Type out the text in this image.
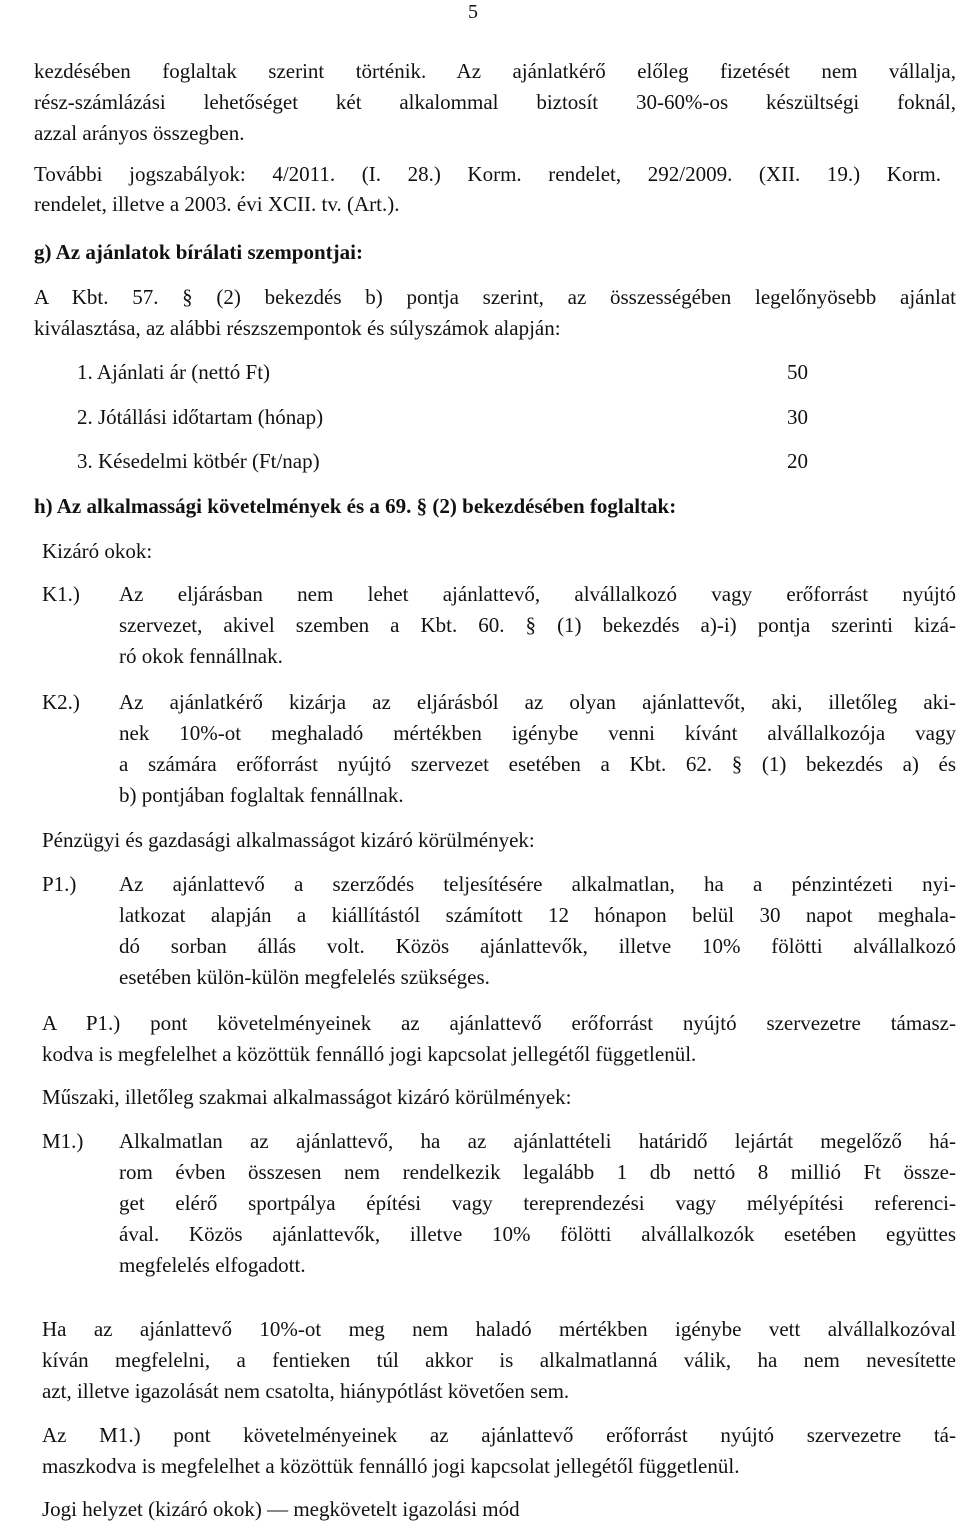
5
kezdésében foglaltak szerint történik. Az ajánlatkérő előleg fizetését nem vállalja,
rész-számlázási lehetőséget két alkalommal biztosít 30-60%-os készültségi foknál,
azzal arányos összegben.
További jogszabályok: 4/2011. (I. 28.) Korm. rendelet, 292/2009. (XII. 19.) Korm.
rendelet, illetve a 2003. évi XCII. tv. (Art.).
g) Az ajánlatok bírálati szempontjai:
A Kbt. 57. § (2) bekezdés b) pontja szerint, az összességében legelőnyösebb ajánlat
kiválasztása, az alábbi részszempontok és súlyszámok alapján:
1. Ajánlati ár (nettó Ft)	50
2. Jótállási időtartam (hónap)	30
3. Késedelmi kötbér (Ft/nap)	20
h) Az alkalmassági követelmények és a 69. § (2) bekezdésében foglaltak:
Kizáró okok:
K1.) Az eljárásban nem lehet ajánlattevő, alvállalkozó vagy erőforrást nyújtó
szervezet, akivel szemben a Kbt. 60. § (1) bekezdés a)-i) pontja szerinti kizá-
ró okok fennállnak.
K2.) Az ajánlatkérő kizárja az eljárásból az olyan ajánlattevőt, aki, illetőleg aki-
nek 10%-ot meghaladó mértékben igénybe venni kívánt alvállalkozója vagy
a számára erőforrást nyújtó szervezet esetében a Kbt. 62. § (1) bekezdés a) és
b) pontjában foglaltak fennállnak.
Pénzügyi és gazdasági alkalmasságot kizáró körülmények:
P1.) Az ajánlattevő a szerződés teljesítésére alkalmatlan, ha a pénzintézeti nyi-
latkozat alapján a kiállítástól számított 12 hónapon belül 30 napot meghala-
dó sorban állás volt. Közös ajánlattevők, illetve 10% fölötti alvállalkozó
esetében külön-külön megfelelés szükséges.
A P1.) pont követelményeinek az ajánlattevő erőforrást nyújtó szervezetre támasz-
kodva is megfelelhet a közöttük fennálló jogi kapcsolat jellegétől függetlenül.
Műszaki, illetőleg szakmai alkalmasságot kizáró körülmények:
M1.) Alkalmatlan az ajánlattevő, ha az ajánlattételi határidő lejártát megelőző há-
rom évben összesen nem rendelkezik legalább 1 db nettó 8 millió Ft össze-
get elérő sportpálya építési vagy tereprendezési vagy mélyépítési referenci-
ával. Közös ajánlattevők, illetve 10% fölötti alvállalkozók esetében együttes
megfelelés elfogadott.
Ha az ajánlattevő 10%-ot meg nem haladó mértékben igénybe vett alvállalkozóval
kíván megfelelni, a fentieken túl akkor is alkalmatlanná válik, ha nem nevesítette
azt, illetve igazolását nem csatolta, hiánypótlást követően sem.
Az M1.) pont követelményeinek az ajánlattevő erőforrást nyújtó szervezetre tá-
maszkodva is megfelelhet a közöttük fennálló jogi kapcsolat jellegétől függetlenül.
Jogi helyzet (kizáró okok) — megkövetelt igazolási mód
